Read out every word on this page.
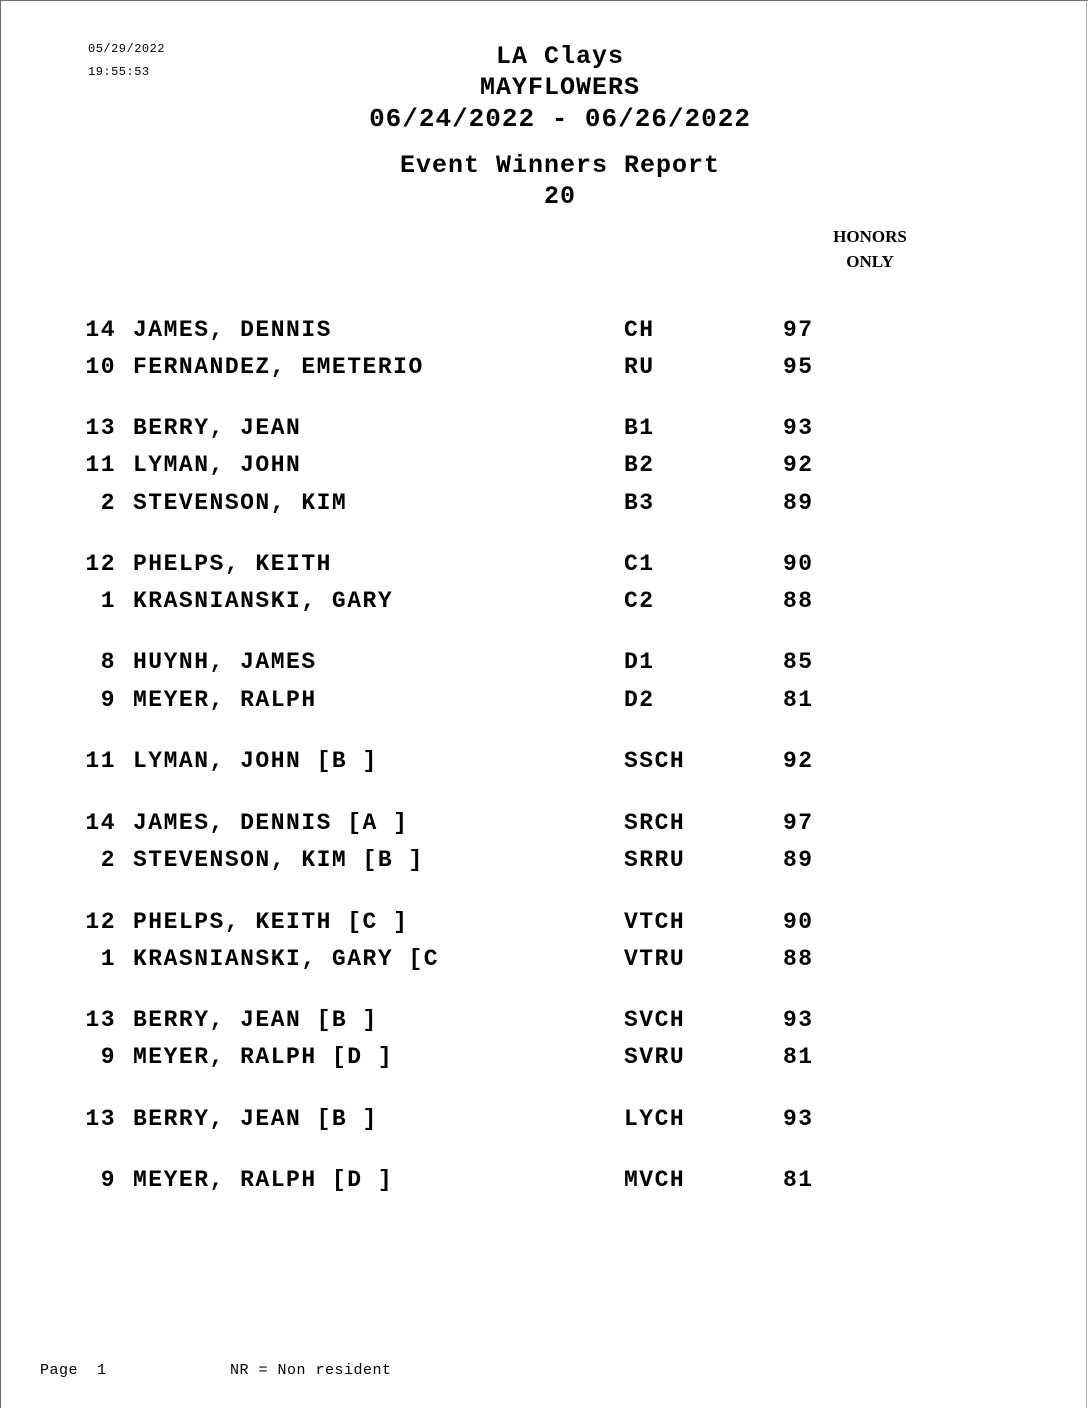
05/29/2022
19:55:53
LA Clays
MAYFLOWERS
06/24/2022 - 06/26/2022
Event Winners Report
20
HONORS
ONLY
14 JAMES, DENNIS	CH	97
10 FERNANDEZ, EMETERIO	RU	95
13 BERRY, JEAN	B1	93
11 LYMAN, JOHN	B2	92
2 STEVENSON, KIM	B3	89
12 PHELPS, KEITH	C1	90
1 KRASNIANSKI, GARY	C2	88
8 HUYNH, JAMES	D1	85
9 MEYER, RALPH	D2	81
11 LYMAN, JOHN [B ]	SSCH	92
14 JAMES, DENNIS [A ]	SRCH	97
2 STEVENSON, KIM [B ]	SRRU	89
12 PHELPS, KEITH [C ]	VTCH	90
1 KRASNIANSKI, GARY [C	VTRU	88
13 BERRY, JEAN [B ]	SVCH	93
9 MEYER, RALPH [D ]	SVRU	81
13 BERRY, JEAN [B ]	LYCH	93
9 MEYER, RALPH [D ]	MVCH	81
Page  1	NR = Non resident
